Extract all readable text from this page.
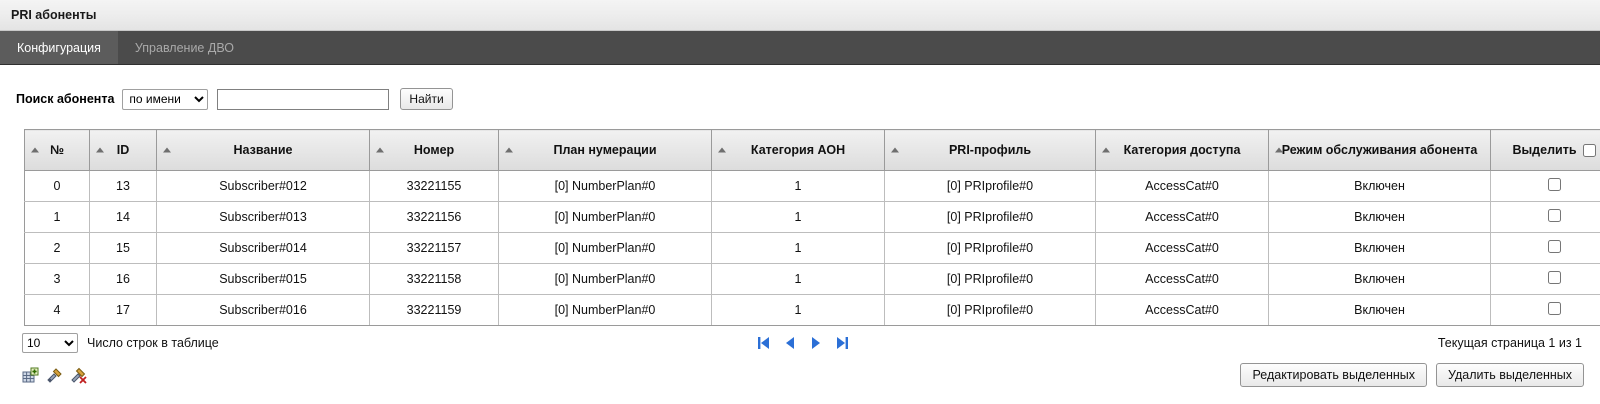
PRI абоненты
Конфигурация	Управление ДВО
Поиск абонента
по имени	Найти
№	ID	Название	Номер	План нумерации	Категория АОН	PRI-профиль	Категория доступа	Режим обслуживания абонента	Выделить

0	13	Subscriber#012	33221155	[0] NumberPlan#0	1	[0] PRIprofile#0	AccessCat#0	Включен	
1	14	Subscriber#013	33221156	[0] NumberPlan#0	1	[0] PRIprofile#0	AccessCat#0	Включен	
2	15	Subscriber#014	33221157	[0] NumberPlan#0	1	[0] PRIprofile#0	AccessCat#0	Включен	
3	16	Subscriber#015	33221158	[0] NumberPlan#0	1	[0] PRIprofile#0	AccessCat#0	Включен	
4	17	Subscriber#016	33221159	[0] NumberPlan#0	1	[0] PRIprofile#0	AccessCat#0	Включен	
10
Число строк в таблице	Текущая страница 1 из 1
Редактировать выделенных	Удалить выделенных
